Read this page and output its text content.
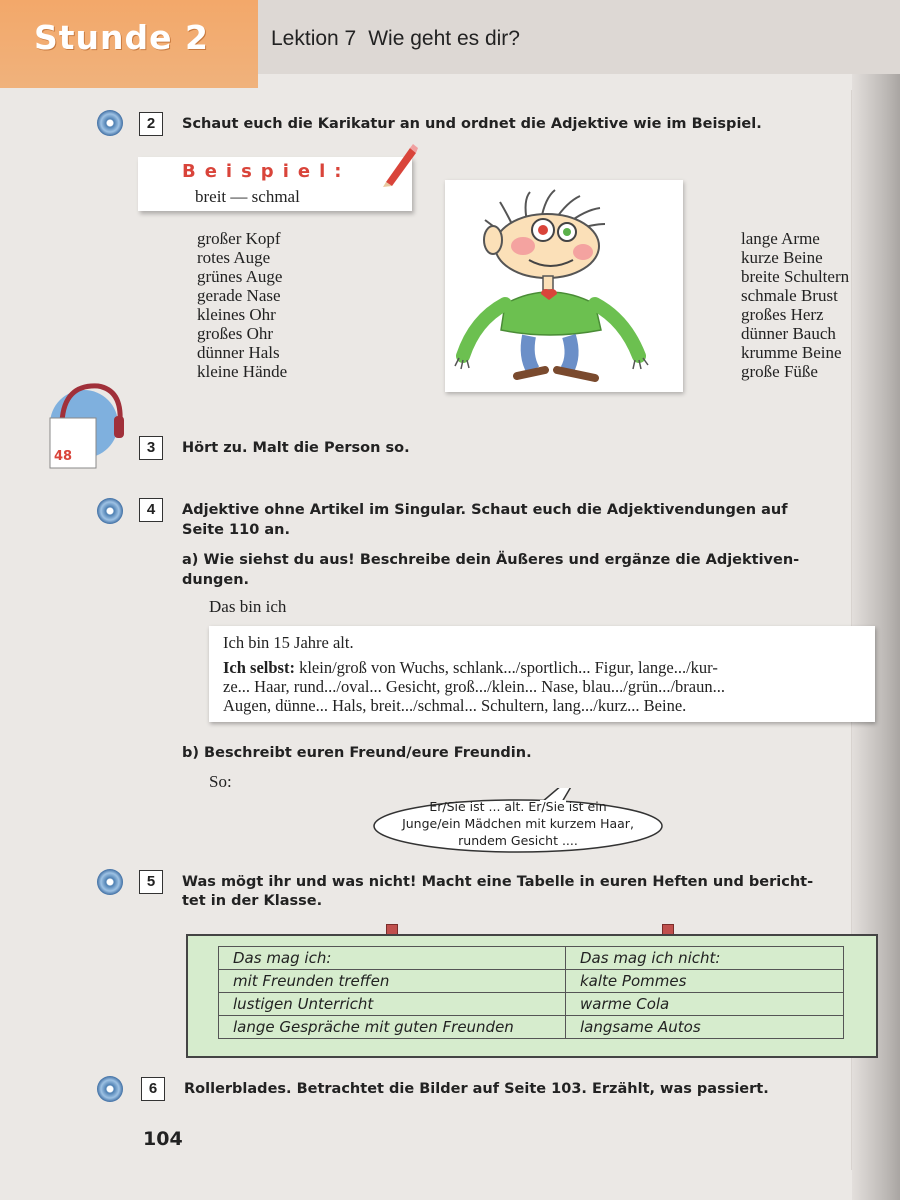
Stunde 2	Lektion 7 Wie geht es dir?
2	Schaut euch die Karikatur an und ordnet die Adjektive wie im Beispiel.
Beispiel:
breit — schmal
großer Kopf
rotes Auge
grünes Auge
gerade Nase
kleines Ohr
großes Ohr
dünner Hals
kleine Hände
lange Arme
kurze Beine
breite Schultern
schmale Brust
großes Herz
dünner Bauch
krumme Beine
große Füße
48
3	Hört zu. Malt die Person so.
4	Adjektive ohne Artikel im Singular. Schaut euch die Adjektivendungen auf
Seite 110 an.
a) Wie siehst du aus! Beschreibe dein Äußeres und ergänze die Adjektiven-
dungen.
Das bin ich
Ich bin 15 Jahre alt.
Ich selbst: klein/groß von Wuchs, schlank.../sportlich... Figur, lange.../kur-
ze... Haar, rund.../oval... Gesicht, groß.../klein... Nase, blau.../grün.../braun...
Augen, dünne... Hals, breit.../schmal... Schultern, lang.../kurz... Beine.
b) Beschreibt euren Freund/eure Freundin.
So:
Er/Sie ist ... alt. Er/Sie ist ein
Junge/ein Mädchen mit kurzem Haar,
rundem Gesicht ....
5	Was mögt ihr und was nicht! Macht eine Tabelle in euren Heften und bericht-
tet in der Klasse.
Das mag ich:	Das mag ich nicht:
mit Freunden treffen	kalte Pommes
lustigen Unterricht	warme Cola
lange Gespräche mit guten Freunden	langsame Autos
6	Rollerblades. Betrachtet die Bilder auf Seite 103. Erzählt, was passiert.
104
